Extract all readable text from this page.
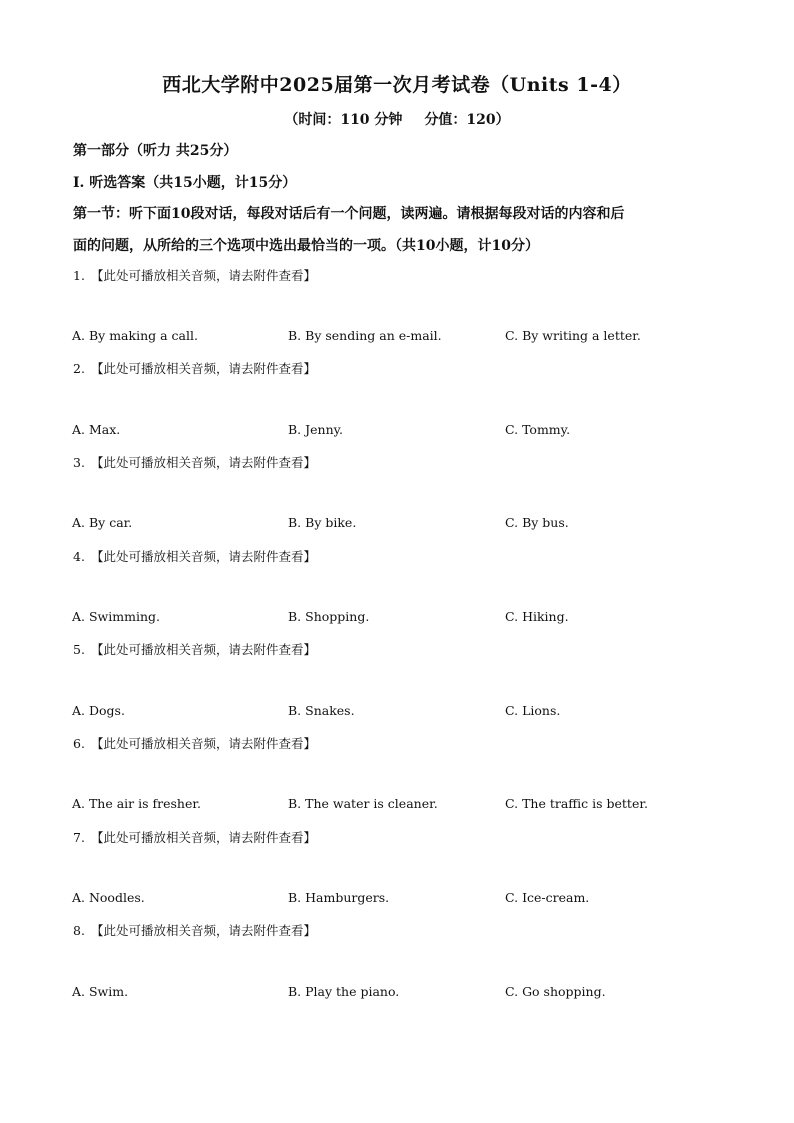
西北大学附中2025届第一次月考试卷（Units 1-4）
（时间：110 分钟 分值：120）
第一部分（听力 共25分）
I. 听选答案（共15小题，计15分）
第一节：听下面10段对话，每段对话后有一个问题，读两遍。请根据每段对话的内容和后
面的问题，从所给的三个选项中选出最恰当的一项。（共10小题，计10分）
1. 【此处可播放相关音频，请去附件查看】
A. By making a call.	B. By sending an e-mail.	C. By writing a letter.
2. 【此处可播放相关音频，请去附件查看】
A. Max.	B. Jenny.	C. Tommy.
3. 【此处可播放相关音频，请去附件查看】
A. By car.	B. By bike.	C. By bus.
4. 【此处可播放相关音频，请去附件查看】
A. Swimming.	B. Shopping.	C. Hiking.
5. 【此处可播放相关音频，请去附件查看】
A. Dogs.	B. Snakes.	C. Lions.
6. 【此处可播放相关音频，请去附件查看】
A. The air is fresher.	B. The water is cleaner.	C. The traffic is better.
7. 【此处可播放相关音频，请去附件查看】
A. Noodles.	B. Hamburgers.	C. Ice-cream.
8. 【此处可播放相关音频，请去附件查看】
A. Swim.	B. Play the piano.	C. Go shopping.
